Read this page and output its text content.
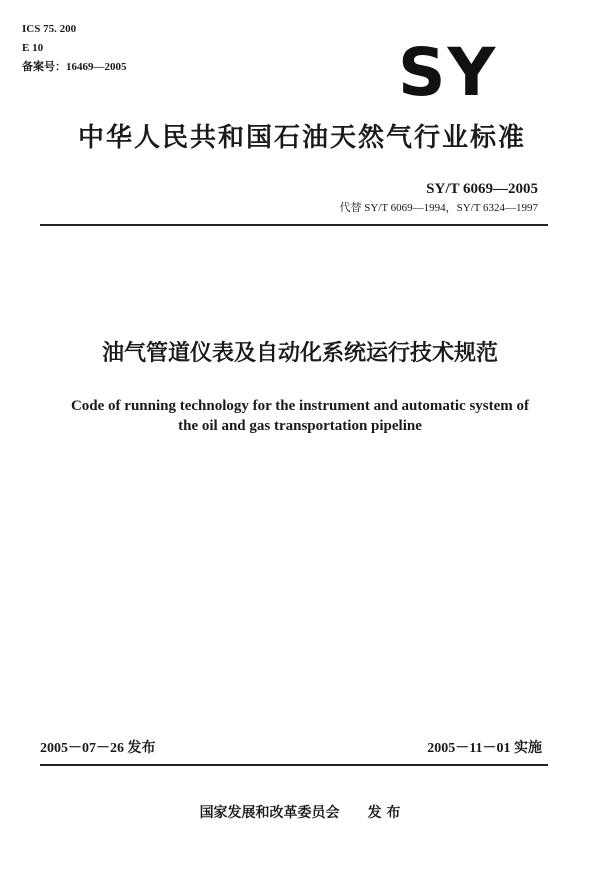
ICS 75. 200
E 10
备案号：16469—2005	SY
中华人民共和国石油天然气行业标准
SY/T 6069—2005
代替 SY/T 6069—1994，SY/T 6324—1997
油气管道仪表及自动化系统运行技术规范
Code of running technology for the instrument and automatic system of
the oil and gas transportation pipeline
2005－07－26 发布	2005－11－01 实施
国家发展和改革委员会 发 布
